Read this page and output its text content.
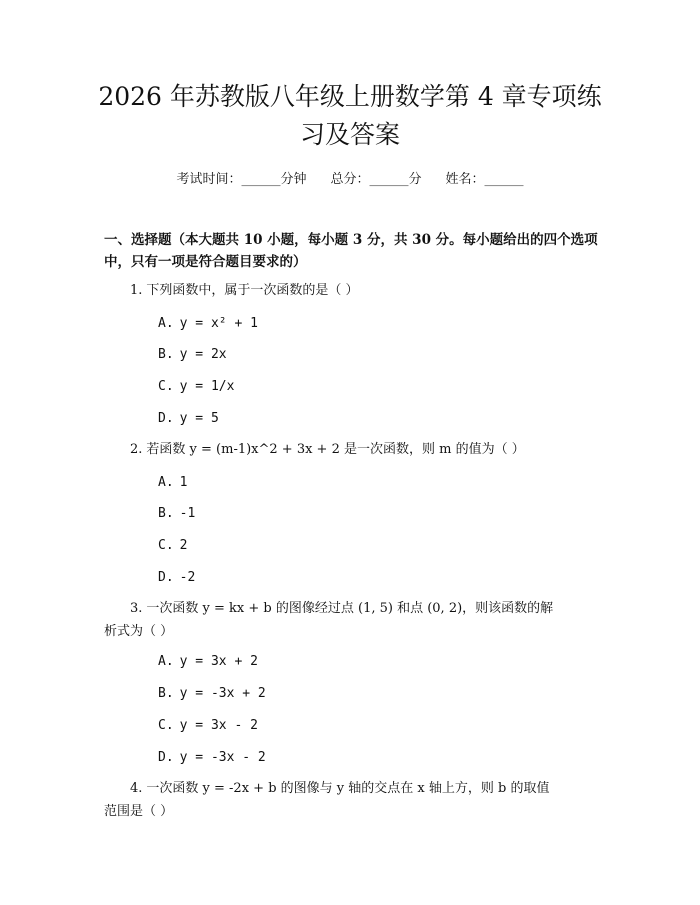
2026 年苏教版八年级上册数学第 4 章专项练
习及答案
考试时间：______分钟 总分：______分 姓名：______
一、选择题（本大题共 10 小题，每小题 3 分，共 30 分。每小题给出的四个选项
中，只有一项是符合题目要求的）
1. 下列函数中，属于一次函数的是（ ）
A. y = x² + 1
B. y = 2x
C. y = 1/x
D. y = 5
2. 若函数 y = (m-1)x^2 + 3x + 2 是一次函数，则 m 的值为（ ）
A. 1
B. -1
C. 2
D. -2
3. 一次函数 y = kx + b 的图像经过点 (1, 5) 和点 (0, 2)，则该函数的解
析式为（ ）
A. y = 3x + 2
B. y = -3x + 2
C. y = 3x - 2
D. y = -3x - 2
4. 一次函数 y = -2x + b 的图像与 y 轴的交点在 x 轴上方，则 b 的取值
范围是（ ）
